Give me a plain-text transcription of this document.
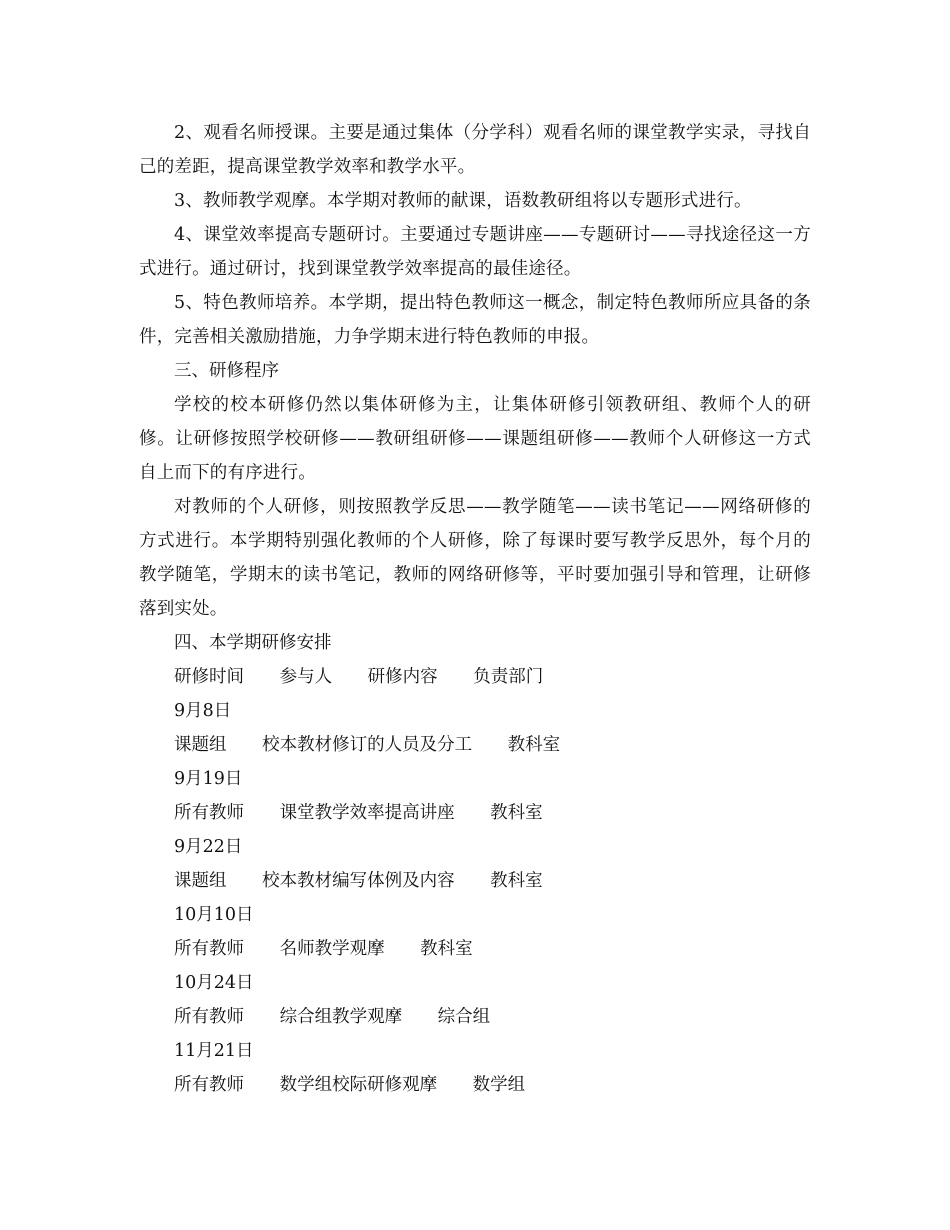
2、观看名师授课。主要是通过集体（分学科）观看名师的课堂教学实录，寻找自己的差距，提高课堂教学效率和教学水平。

3、教师教学观摩。本学期对教师的献课，语数教研组将以专题形式进行。

4、课堂效率提高专题研讨。主要通过专题讲座——专题研讨——寻找途径这一方式进行。通过研讨，找到课堂教学效率提高的最佳途径。

5、特色教师培养。本学期，提出特色教师这一概念，制定特色教师所应具备的条件，完善相关激励措施，力争学期末进行特色教师的申报。

三、研修程序

学校的校本研修仍然以集体研修为主，让集体研修引领教研组、教师个人的研修。让研修按照学校研修——教研组研修——课题组研修——教师个人研修这一方式自上而下的有序进行。

对教师的个人研修，则按照教学反思——教学随笔——读书笔记——网络研修的方式进行。本学期特别强化教师的个人研修，除了每课时要写教学反思外，每个月的教学随笔，学期末的读书笔记，教师的网络研修等，平时要加强引导和管理，让研修落到实处。

四、本学期研修安排

研修时间 参与人 研修内容 负责部门
9月8日
课题组 校本教材修订的人员及分工 教科室
9月19日
所有教师 课堂教学效率提高讲座 教科室
9月22日
课题组 校本教材编写体例及内容 教科室
10月10日
所有教师 名师教学观摩 教科室
10月24日
所有教师 综合组教学观摩 综合组
11月21日
所有教师 数学组校际研修观摩 数学组
